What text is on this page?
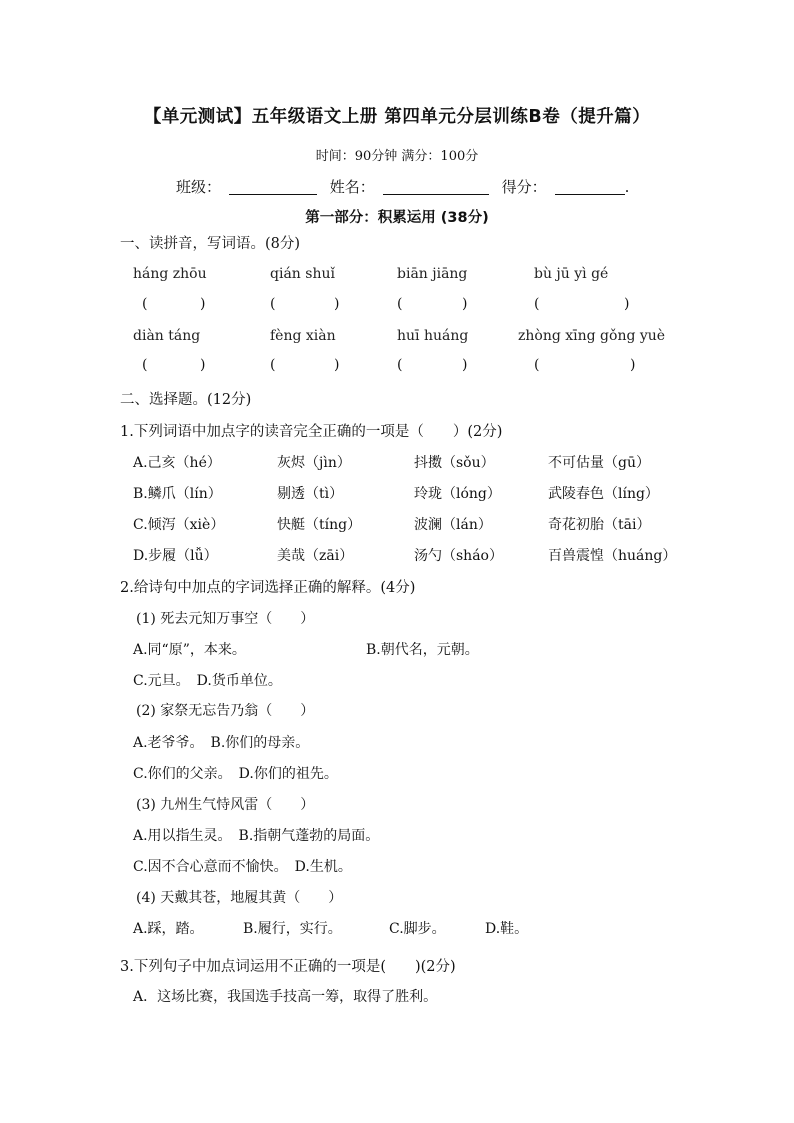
【单元测试】五年级语文上册 第四单元分层训练B卷（提升篇）
时间：90分钟 满分：100分
班级：	姓名：	得分：	.
第一部分：积累运用 (38分)
一、读拼音，写词语。(8分)
háng zhōu	qián shuǐ	biān jiāng	bù jū yì gé
(	)	(	)	(	)	(	)
diàn táng	fèng xiàn	huī huáng	zhòng xīng gǒng yuè
(	)	(	)	(	)	(	)
二、选择题。(12分)
1.下列词语中加点字的读音完全正确的一项是（　　）(2分)
A.己亥（hé）	灰烬（jìn）	抖擞（sǒu）	不可估量（gū）
B.鳞爪（lín）	剔透（tì）	玲珑（lóng）	武陵春色（líng）
C.倾泻（xiè）	快艇（tíng）	波澜（lán）	奇花初胎（tāi）
D.步履（lǚ）	美哉（zāi）	汤勺（sháo）	百兽震惶（huáng）
2.给诗句中加点的字词选择正确的解释。(4分)
(1) 死去元知万事空（　　）
A.同“原”，本来。	B.朝代名，元朝。
C.元旦。　D.货币单位。
(2) 家祭无忘告乃翁（　　）
A.老爷爷。　B.你们的母亲。
C.你们的父亲。　D.你们的祖先。
(3) 九州生气恃风雷（　　）
A.用以指生灵。　B.指朝气蓬勃的局面。
C.因不合心意而不愉快。　D.生机。
(4) 天戴其苍，地履其黄（　　）
A.踩，踏。	B.履行，实行。	C.脚步。	D.鞋。
3.下列句子中加点词运用不正确的一项是(　　)(2分)
A．这场比赛，我国选手技高一筹，取得了胜利。
